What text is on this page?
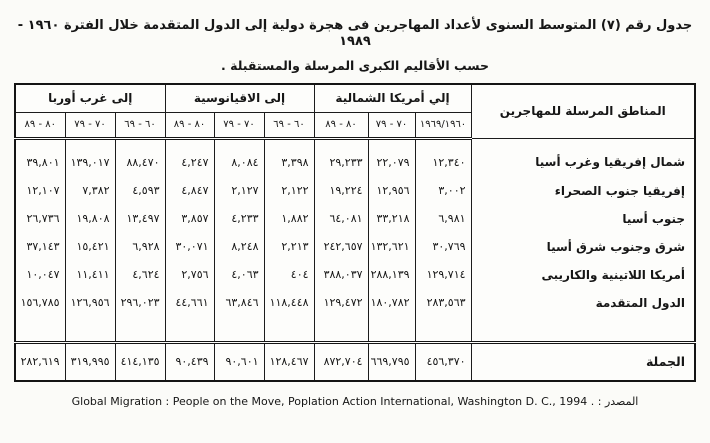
جدول رقم (٧) المتوسط السنوى لأعداد المهاجرين فى هجرة دولية إلى الدول المتقدمة خلال الفترة ١٩٦٠ - ١٩٨٩
حسب الأقاليم الكبرى المرسلة والمستقبلة .
المناطق المرسلة للمهاجرين	إلي أمريكا الشمالية			إلى الاقيانوسية			إلى غرب أوربا		
	١٩٦٩/١٩٦٠	٧٠ - ٧٩	٨٠ - ٨٩	٦٠ - ٦٩	٧٠ - ٧٩	٨٠ - ٨٩	٦٠ - ٦٩	٧٠ - ٧٩	٨٠ - ٨٩
شمال إفريقيا وغرب أسيا	١٢,٣٤٠	٢٢,٠٧٩	٢٩,٢٣٣	٣,٣٩٨	٨,٠٨٤	٤,٢٤٧	٨٨,٤٧٠	١٣٩,٠١٧	٣٩,٨٠١
إفريقيا جنوب الصحراء	٣,٠٠٢	١٢,٩٥٦	١٩,٢٢٤	٢,١٢٢	٢,١٢٧	٤,٨٤٧	٤,٥٩٣	٧,٣٨٢	١٢,١٠٧
جنوب أسيا	٦,٩٨١	٣٣,٢١٨	٦٤,٠٨١	١,٨٨٢	٤,٢٣٣	٣,٨٥٧	١٣,٤٩٧	١٩,٨٠٨	٢٦,٧٣٦
شرق وجنوب شرق أسيا	٣٠,٧٦٩	١٣٢,٦٢١	٢٤٢,٦٥٧	٢,٢١٣	٨,٢٤٨	٣٠,٠٧١	٦,٩٢٨	١٥,٤٢١	٣٧,١٤٣
أمريكا اللاتينية والكاريبى	١٢٩,٧١٤	٢٨٨,١٣٩	٣٨٨,٠٣٧	٤٠٤	٤,٠٦٣	٢,٧٥٦	٤,٦٢٤	١١,٤١١	١٠,٠٤٧
الدول المتقدمة	٢٨٣,٥٦٣	١٨٠,٧٨٢	١٢٩,٤٧٢	١١٨,٤٤٨	٦٣,٨٤٦	٤٤,٦٦١	٢٩٦,٠٢٣	١٢٦,٩٥٦	١٥٦,٧٨٥
الجملة	٤٥٦,٣٧٠	٦٦٩,٧٩٥	٨٧٢,٧٠٤	١٢٨,٤٦٧	٩٠,٦٠١	٩٠,٤٣٩	٤١٤,١٣٥	٣١٩,٩٩٥	٢٨٢,٦١٩
المصدر : Global Migration : People on the Move, Poplation Action International, Washington D. C., 1994 .
